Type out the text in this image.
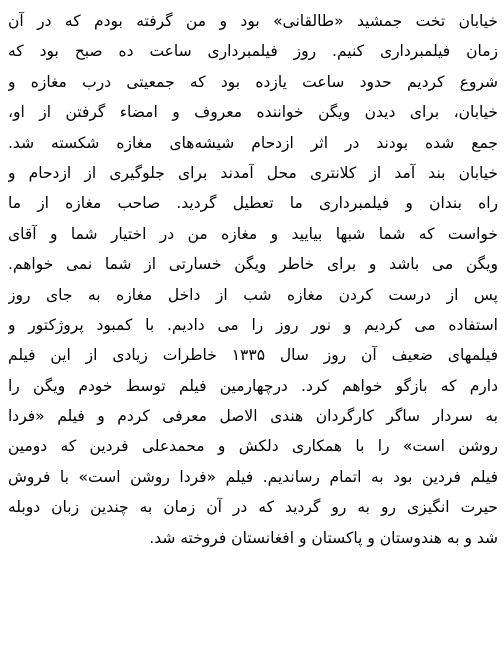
خیابان تخت جمشید «طالقانی» بود و من گرفته بودم که در آن
زمان فیلمبرداری کنیم. روز فیلمبرداری ساعت ده صبح بود که
شروع کردیم حدود ساعت یازده بود که جمعیتی درب مغازه و
خیابان، برای دیدن ویگن خواننده معروف و امضاء گرفتن از او،
جمع شده بودند در اثر ازدحام شیشه‌های مغازه شکسته شد.
خیابان بند آمد از کلانتری محل آمدند برای جلوگیری از ازدحام و
راه بندان و فیلمبرداری ما تعطیل گردید. صاحب مغازه از ما
خواست که شما شبها بیایید و مغازه من در اختیار شما و آقای
ویگن می باشد و برای خاطر ویگن خسارتی از شما نمی خواهم.
پس از درست کردن مغازه شب از داخل مغازه به جای روز
استفاده می کردیم و نور روز را می دادیم. با کمبود پروژکتور و
فیلمهای ضعیف آن روز سال ۱۳۳۵ خاطرات زیادی از این فیلم
دارم که بازگو خواهم کرد. درچهارمین فیلم توسط خودم ویگن را
به سردار ساگر کارگردان هندی الاصل معرفی کردم و فیلم «فردا
روشن است» را با همکاری دلکش و محمدعلی فردین که دومین
فیلم فردین بود به اتمام رساندیم. فیلم «فردا روشن است» با فروش
حیرت انگیزی رو به رو گردید که در آن زمان به چندین زبان دوبله
شد و به هندوستان و پاکستان و افغانستان فروخته شد.
